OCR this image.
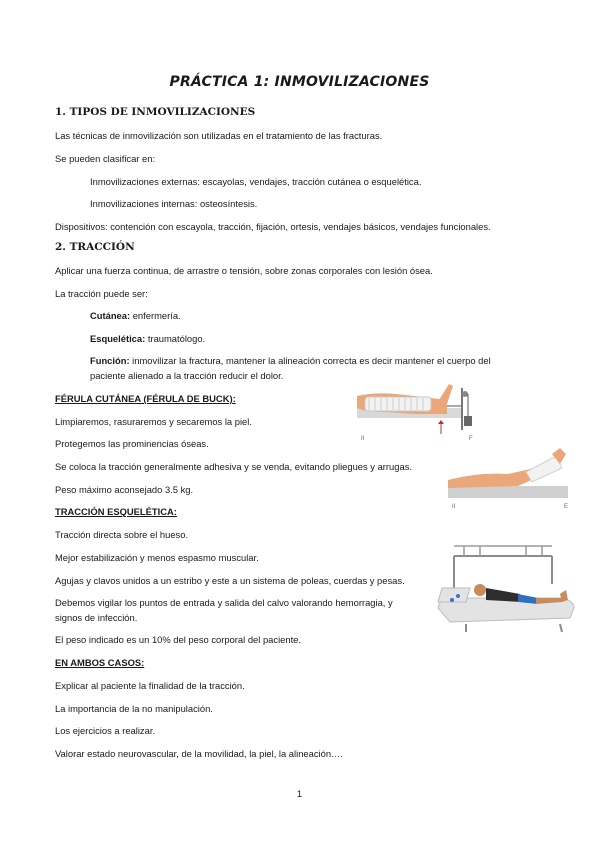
PRÁCTICA 1: INMOVILIZACIONES
1. TIPOS DE INMOVILIZACIONES
Las técnicas de inmovilización son utilizadas en el tratamiento de las fracturas.
Se pueden clasificar en:
Inmovilizaciones externas: escayolas, vendajes, tracción cutánea o esquelética.
Inmovilizaciones internas: osteosíntesis.
Dispositivos: contención con escayola, tracción, fijación, ortesis, vendajes básicos, vendajes funcionales.
2. TRACCIÓN
Aplicar una fuerza continua, de arrastre o tensión, sobre zonas corporales con lesión ósea.
La tracción puede ser:
Cutánea: enfermería.
Esquelética: traumatólogo.
Función: inmovilizar la fractura, mantener la alineación correcta es decir mantener el cuerpo del
paciente alienado a la tracción reducir el dolor.
FÉRULA CUTÁNEA (FÉRULA DE BUCK):
Limpiaremos, rasuraremos y secaremos la piel.
Protegemos las prominencias óseas.
Se coloca la tracción generalmente adhesiva y se venda, evitando pliegues y arrugas.
Peso máximo aconsejado 3.5 kg.
TRACCIÓN ESQUELÉTICA:
Tracción directa sobre el hueso.
Mejor estabilización y menos espasmo muscular.
Agujas y clavos unidos a un estribo y este a un sistema de poleas, cuerdas y pesas.
Debemos vigilar los puntos de entrada y salida del calvo valorando hemorragia, y
signos de infección.
El peso indicado es un 10% del peso corporal del paciente.
EN AMBOS CASOS:
Explicar al paciente la finalidad de la tracción.
La importancia de la no manipulación.
Los ejercicios a realizar.
Valorar estado neurovascular, de la movilidad, la piel, la alineación….
II	F
II	E
1
